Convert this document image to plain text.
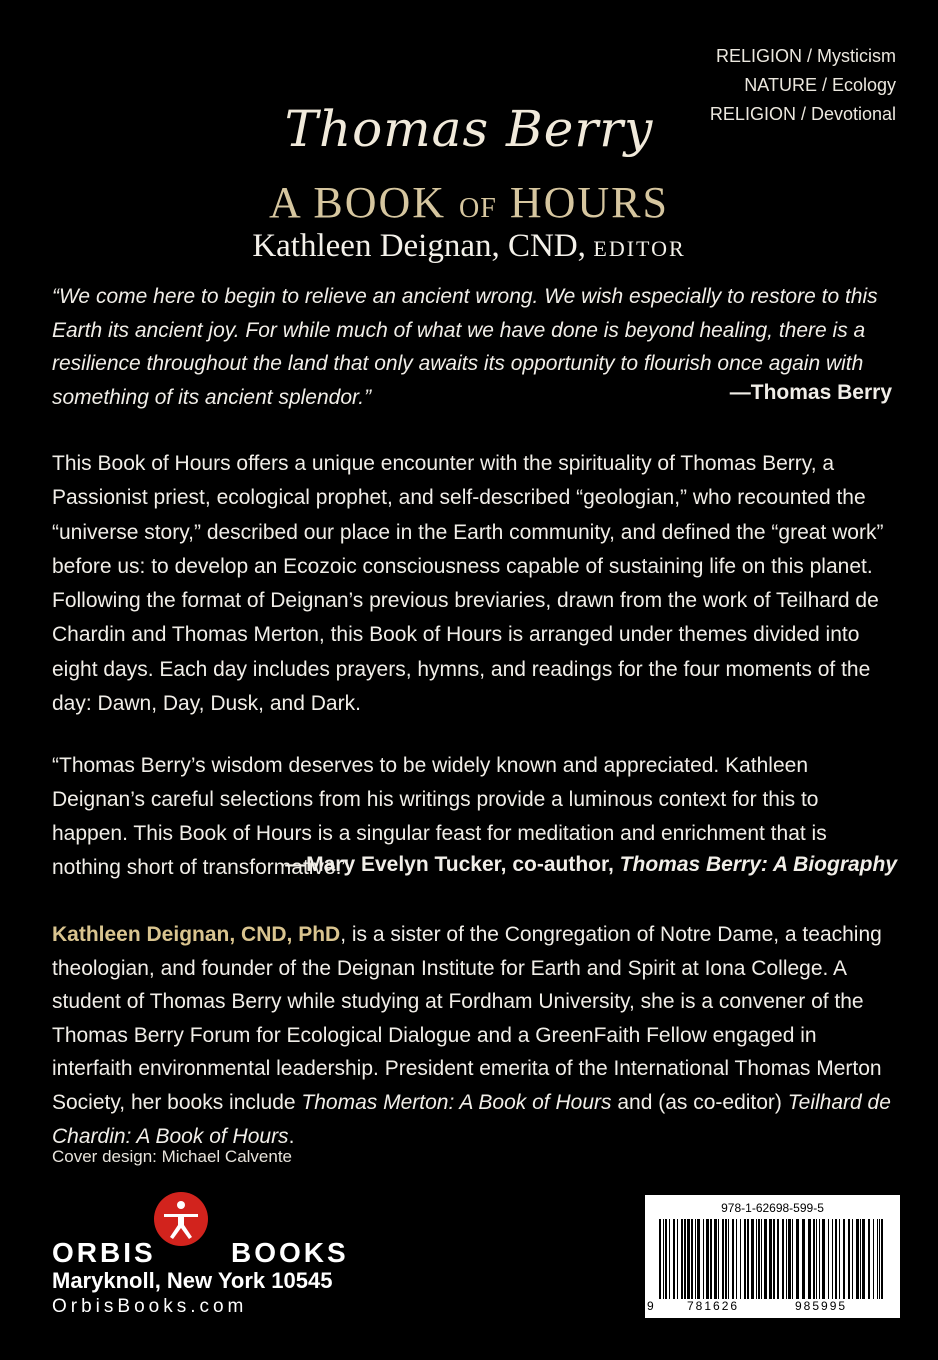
RELIGION / Mysticism
NATURE / Ecology
RELIGION / Devotional
Thomas Berry
A BOOK OF HOURS
Kathleen Deignan, CND, EDITOR
“We come here to begin to relieve an ancient wrong. We wish especially to restore to this Earth its ancient joy. For while much of what we have done is beyond healing, there is a resilience throughout the land that only awaits its opportunity to flourish once again with something of its ancient splendor.”	—Thomas Berry
This Book of Hours offers a unique encounter with the spirituality of Thomas Berry, a Passionist priest, ecological prophet, and self-described “geologian,” who recounted the “universe story,” described our place in the Earth community, and defined the “great work” before us: to develop an Ecozoic consciousness capable of sustaining life on this planet. Following the format of Deignan’s previous breviaries, drawn from the work of Teilhard de Chardin and Thomas Merton, this Book of Hours is arranged under themes divided into eight days. Each day includes prayers, hymns, and readings for the four moments of the day: Dawn, Day, Dusk, and Dark.
“Thomas Berry’s wisdom deserves to be widely known and appreciated. Kathleen Deignan’s careful selections from his writings provide a luminous context for this to happen. This Book of Hours is a singular feast for meditation and enrichment that is nothing short of transformative.”
—Mary Evelyn Tucker, co-author, Thomas Berry: A Biography
Kathleen Deignan, CND, PhD, is a sister of the Congregation of Notre Dame, a teaching theologian, and founder of the Deignan Institute for Earth and Spirit at Iona College. A student of Thomas Berry while studying at Fordham University, she is a convener of the Thomas Berry Forum for Ecological Dialogue and a GreenFaith Fellow engaged in interfaith environmental leadership. President emerita of the International Thomas Merton Society, her books include Thomas Merton: A Book of Hours and (as co-editor) Teilhard de Chardin: A Book of Hours.
Cover design: Michael Calvente
ORBIS	BOOKS
Maryknoll, New York 10545
OrbisBooks.com
978-1-62698-599-5
9	781626	985995
